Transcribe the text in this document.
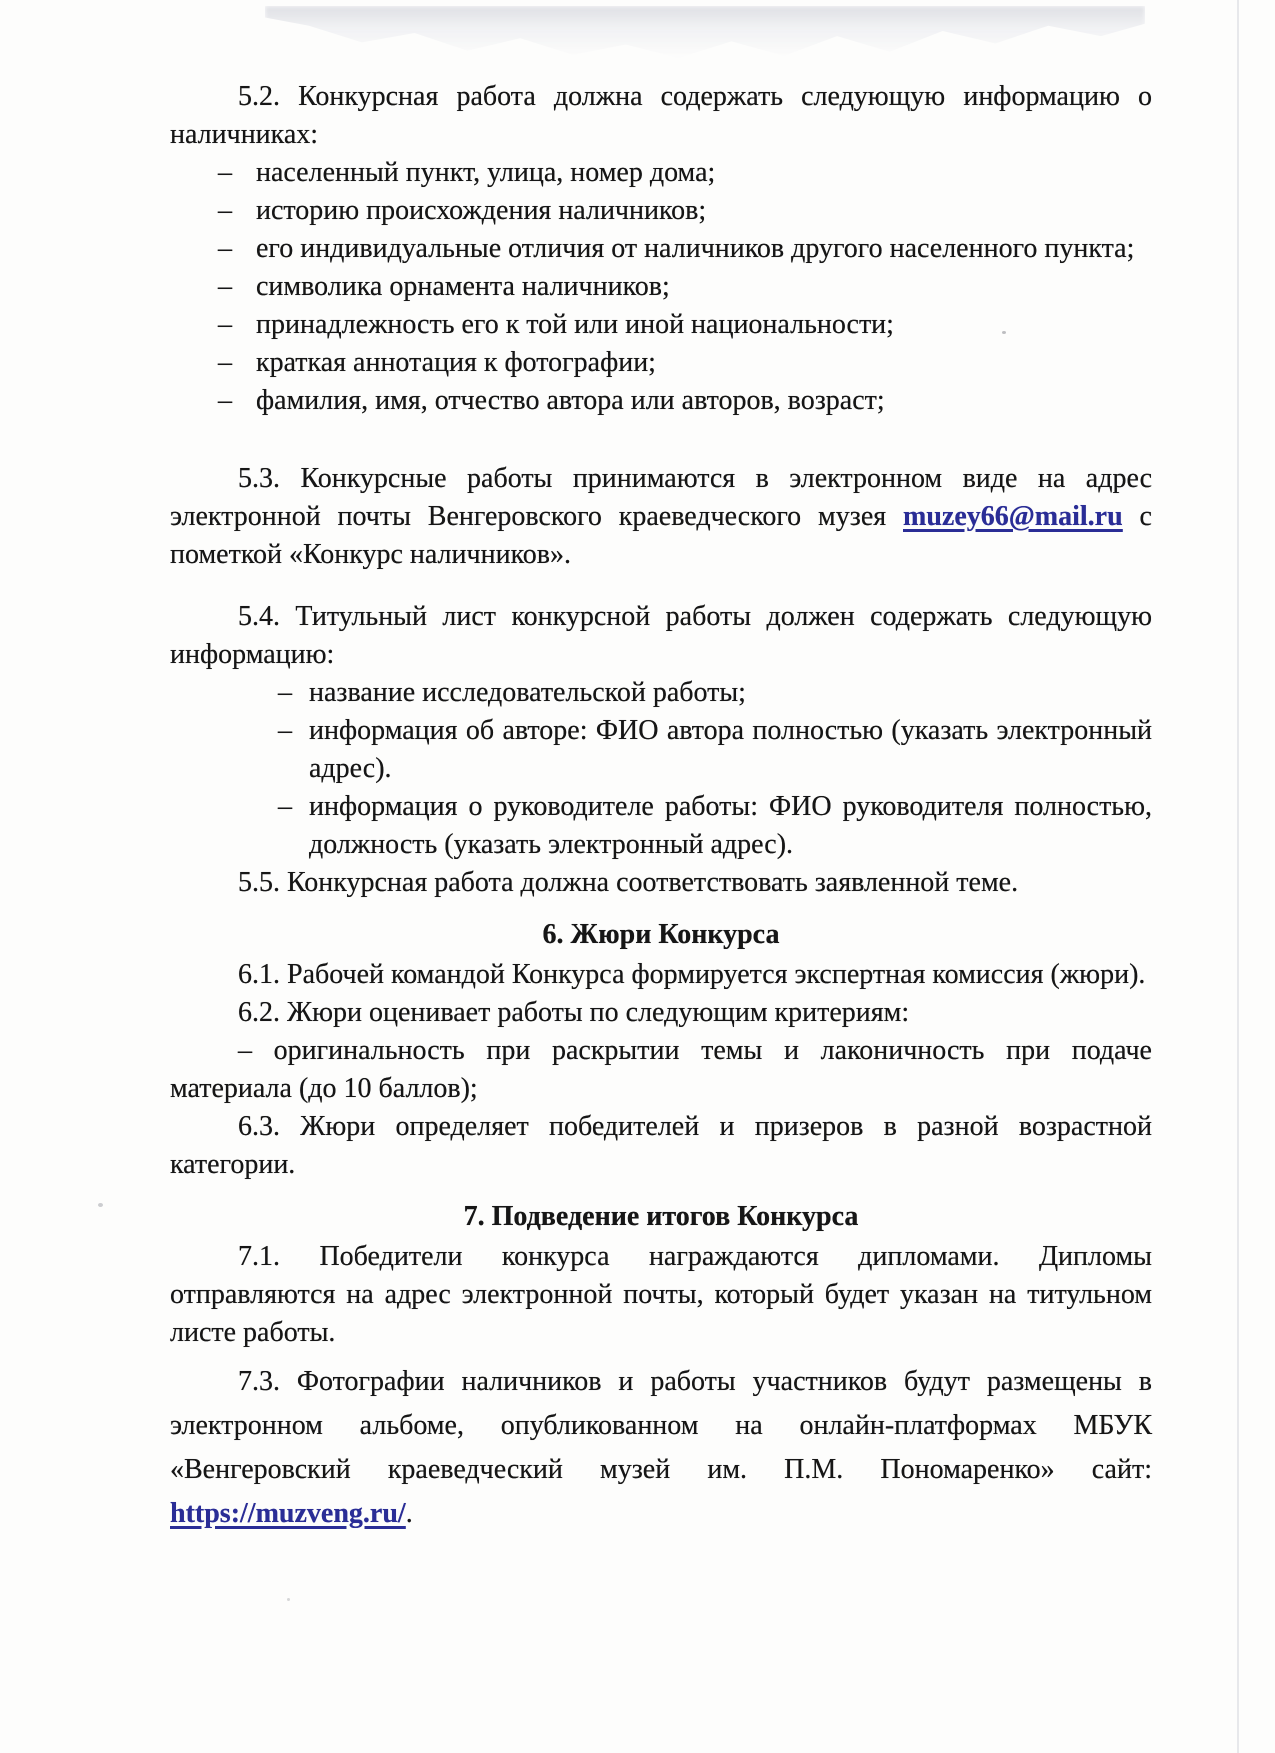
5.2. Конкурсная работа должна содержать следующую информацию о наличниках:

– населенный пункт, улица, номер дома;
– историю происхождения наличников;
– его индивидуальные отличия от наличников другого населенного пункта;
– символика орнамента наличников;
– принадлежность его к той или иной национальности;
– краткая аннотация к фотографии;
– фамилия, имя, отчество автора или авторов, возраст;

5.3. Конкурсные работы принимаются в электронном виде на адрес электронной почты Венгеровского краеведческого музея muzey66@mail.ru с пометкой «Конкурс наличников».

5.4. Титульный лист конкурсной работы должен содержать следующую информацию:

– название исследовательской работы;
– информация об авторе: ФИО автора полностью (указать электронный адрес).
– информация о руководителе работы: ФИО руководителя полностью, должность (указать электронный адрес).

5.5. Конкурсная работа должна соответствовать заявленной теме.

6. Жюри Конкурса

6.1. Рабочей командой Конкурса формируется экспертная комиссия (жюри).

6.2. Жюри оценивает работы по следующим критериям:

– оригинальность при раскрытии темы и лаконичность при подаче материала (до 10 баллов);

6.3. Жюри определяет победителей и призеров в разной возрастной категории.

7. Подведение итогов Конкурса

7.1. Победители конкурса награждаются дипломами. Дипломы отправляются на адрес электронной почты, который будет указан на титульном листе работы.

7.3. Фотографии наличников и работы участников будут размещены в электронном альбоме, опубликованном на онлайн-платформах МБУК «Венгеровский краеведческий музей им. П.М. Пономаренко» сайт:

https://muzveng.ru/.
